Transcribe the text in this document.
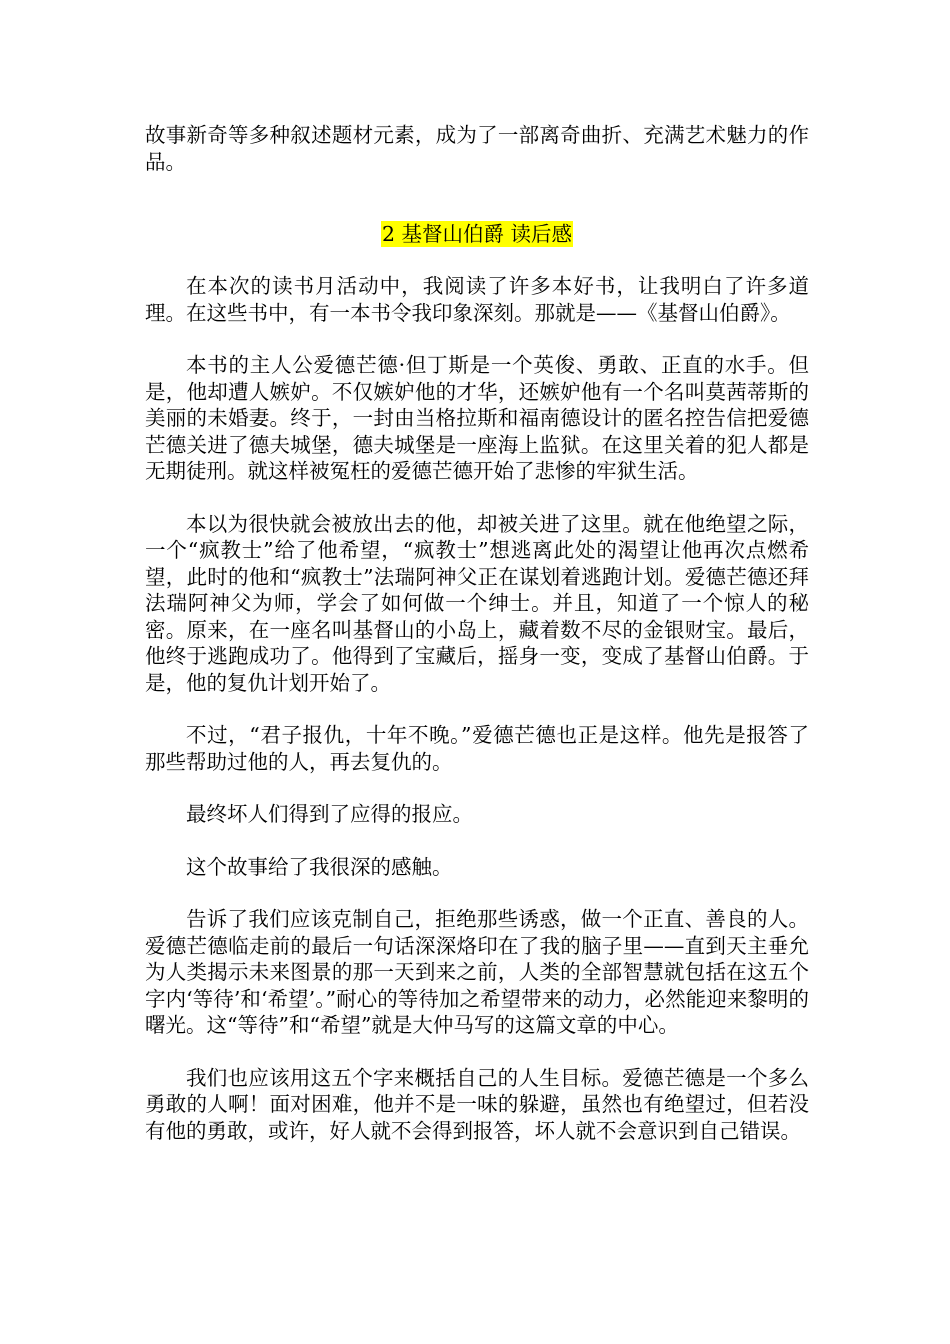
故事新奇等多种叙述题材元素，成为了一部离奇曲折、充满艺术魅力的作品。

2 基督山伯爵 读后感

在本次的读书月活动中，我阅读了许多本好书，让我明白了许多道理。在这些书中，有一本书令我印象深刻。那就是——《基督山伯爵》。

本书的主人公爱德芒德·但丁斯是一个英俊、勇敢、正直的水手。但是，他却遭人嫉妒。不仅嫉妒他的才华，还嫉妒他有一个名叫莫茜蒂斯的美丽的未婚妻。终于，一封由当格拉斯和福南德设计的匿名控告信把爱德芒德关进了德夫城堡，德夫城堡是一座海上监狱。在这里关着的犯人都是无期徒刑。就这样被冤枉的爱德芒德开始了悲惨的牢狱生活。

本以为很快就会被放出去的他，却被关进了这里。就在他绝望之际，一个“疯教士”给了他希望，“疯教士”想逃离此处的渴望让他再次点燃希望，此时的他和“疯教士”法瑞阿神父正在谋划着逃跑计划。爱德芒德还拜法瑞阿神父为师，学会了如何做一个绅士。并且，知道了一个惊人的秘密。原来，在一座名叫基督山的小岛上，藏着数不尽的金银财宝。最后，他终于逃跑成功了。他得到了宝藏后，摇身一变，变成了基督山伯爵。于是，他的复仇计划开始了。

不过，“君子报仇，十年不晚。”爱德芒德也正是这样。他先是报答了那些帮助过他的人，再去复仇的。

最终坏人们得到了应得的报应。

这个故事给了我很深的感触。

告诉了我们应该克制自己，拒绝那些诱惑，做一个正直、善良的人。爱德芒德临走前的最后一句话深深烙印在了我的脑子里——直到天主垂允为人类揭示未来图景的那一天到来之前，人类的全部智慧就包括在这五个字内‘等待’和‘希望’。”耐心的等待加之希望带来的动力，必然能迎来黎明的曙光。这“等待”和“希望”就是大仲马写的这篇文章的中心。

我们也应该用这五个字来概括自己的人生目标。爱德芒德是一个多么勇敢的人啊！面对困难，他并不是一味的躲避，虽然也有绝望过，但若没有他的勇敢，或许，好人就不会得到报答，坏人就不会意识到自己错误。
